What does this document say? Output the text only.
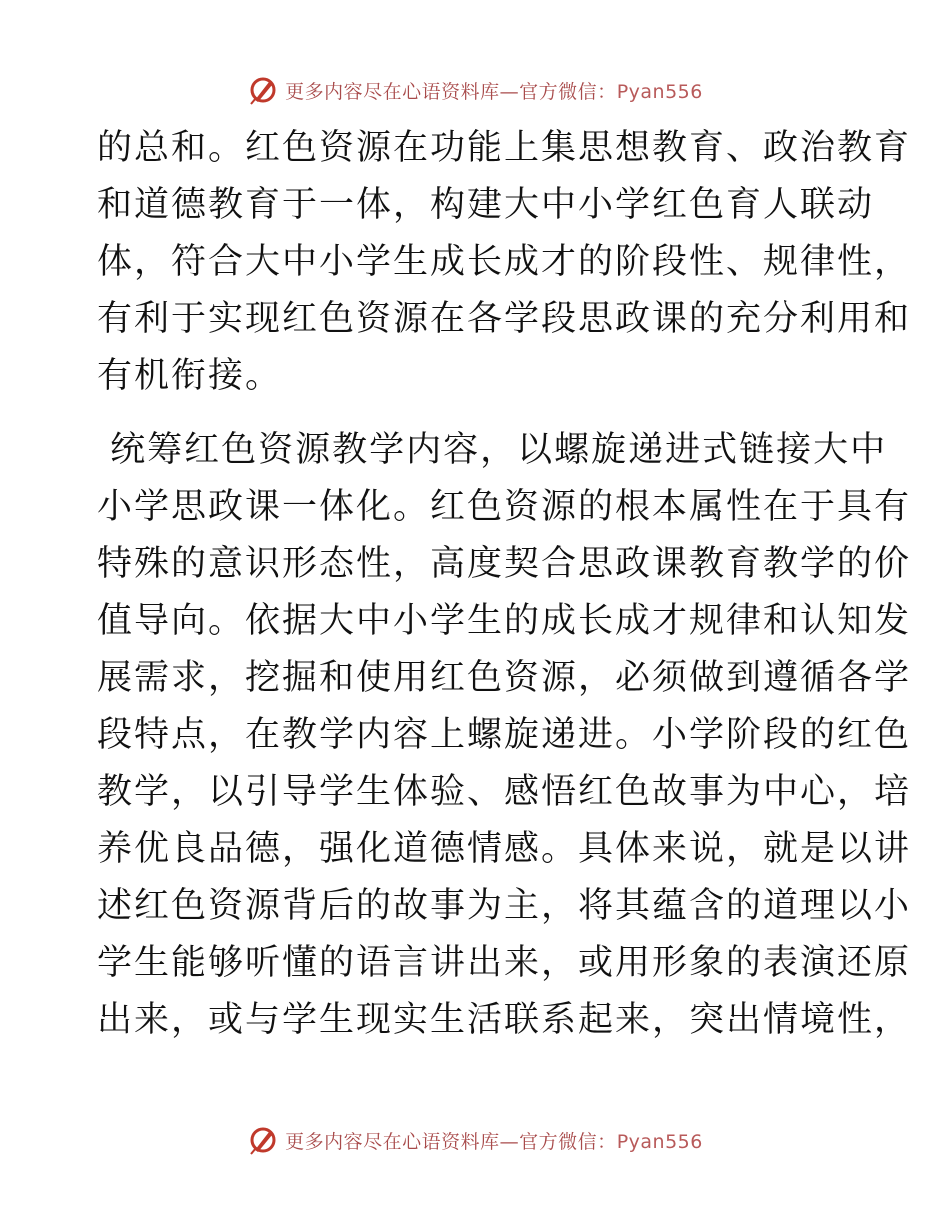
更多内容尽在心语资料库—官方微信：Pyan556
的总和。红色资源在功能上集思想教育、政治教育
和道德教育于一体，构建大中小学红色育人联动
体，符合大中小学生成长成才的阶段性、规律性，
有利于实现红色资源在各学段思政课的充分利用和
有机衔接。
统筹红色资源教学内容，以螺旋递进式链接大中
小学思政课一体化。红色资源的根本属性在于具有
特殊的意识形态性，高度契合思政课教育教学的价
值导向。依据大中小学生的成长成才规律和认知发
展需求，挖掘和使用红色资源，必须做到遵循各学
段特点，在教学内容上螺旋递进。小学阶段的红色
教学，以引导学生体验、感悟红色故事为中心，培
养优良品德，强化道德情感。具体来说，就是以讲
述红色资源背后的故事为主，将其蕴含的道理以小
学生能够听懂的语言讲出来，或用形象的表演还原
出来，或与学生现实生活联系起来，突出情境性，
更多内容尽在心语资料库—官方微信：Pyan556
